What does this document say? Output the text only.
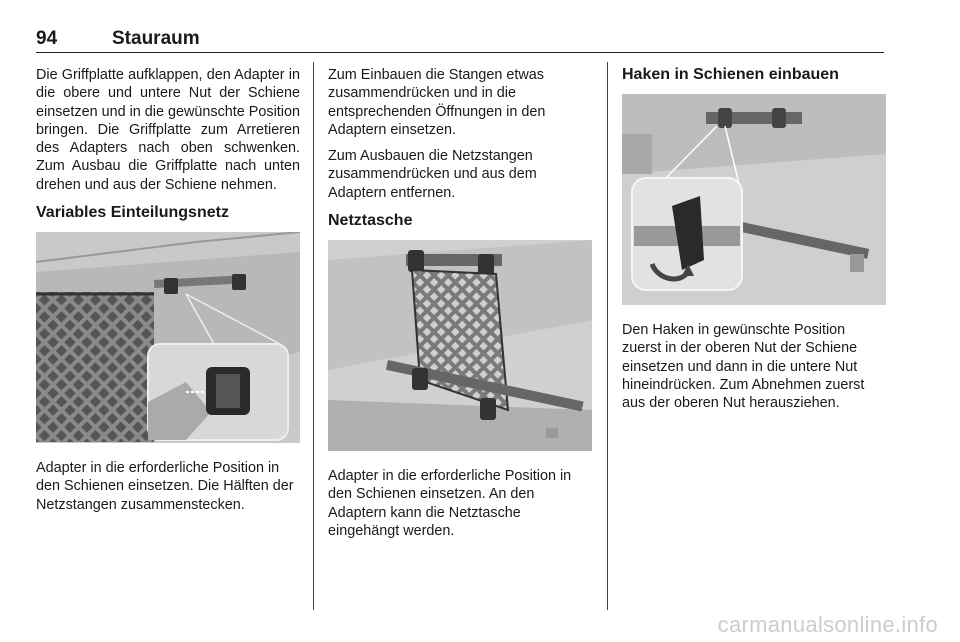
94	Stauraum

Die Griffplatte aufklappen, den Adapter in die obere und untere Nut der Schiene einsetzen und in die gewünschte Position bringen. Die Griffplatte zum Arretieren des Adapters nach oben schwenken. Zum Ausbau die Griffplatte nach unten drehen und aus der Schiene nehmen.

Variables Einteilungsnetz

Adapter in die erforderliche Position in den Schienen einsetzen. Die Hälften der Netzstangen zusammenstecken.

Zum Einbauen die Stangen etwas zusammendrücken und in die entsprechenden Öffnungen in den Adaptern einsetzen.

Zum Ausbauen die Netzstangen zusammendrücken und aus dem Adaptern entfernen.

Netztasche

Adapter in die erforderliche Position in den Schienen einsetzen. An den Adaptern kann die Netztasche eingehängt werden.

Haken in Schienen einbauen

Den Haken in gewünschte Position zuerst in der oberen Nut der Schiene einsetzen und dann in die untere Nut hineindrücken. Zum Abnehmen zuerst aus der oberen Nut herausziehen.

carmanualsonline.info
